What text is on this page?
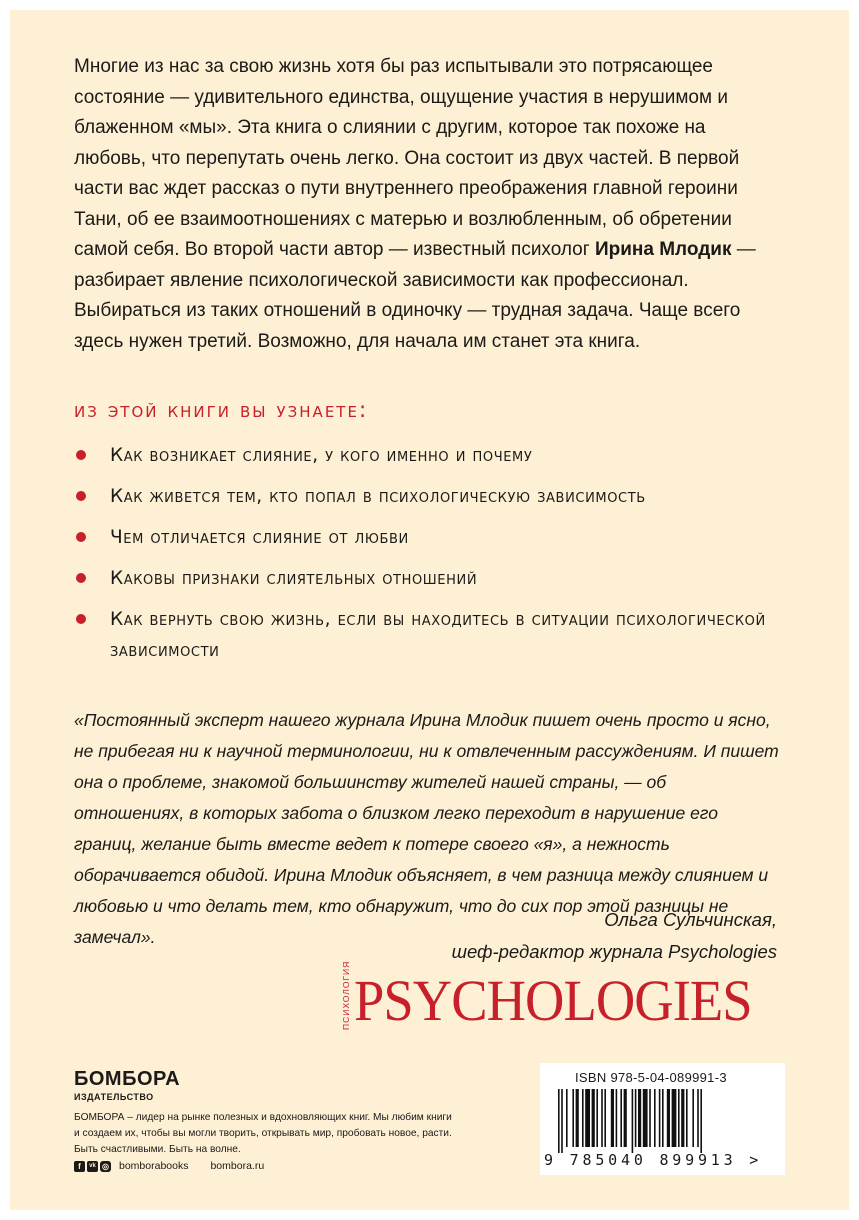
Многие из нас за свою жизнь хотя бы раз испытывали это потрясающее состояние — удивительного единства, ощущение участия в нерушимом и блаженном «мы». Эта книга о слиянии с другим, которое так похоже на любовь, что перепутать очень легко. Она состоит из двух частей. В первой части вас ждет рассказ о пути внутреннего преображения главной героини Тани, об ее взаимоотношениях с матерью и возлюбленным, об обретении самой себя. Во второй части автор — известный психолог Ирина Млодик — разбирает явление психологической зависимости как профессионал. Выбираться из таких отношений в одиночку — трудная задача. Чаще всего здесь нужен третий. Возможно, для начала им станет эта книга.
из этой книги вы узнаете:
Как возникает слияние, у кого именно и почему
Как живется тем, кто попал в психологическую зависимость
Чем отличается слияние от любви
Каковы признаки слиятельных отношений
Как вернуть свою жизнь, если вы находитесь в ситуации психологической зависимости
«Постоянный эксперт нашего журнала Ирина Млодик пишет очень просто и ясно, не прибегая ни к научной терминологии, ни к отвлеченным рассуждениям. И пишет она о проблеме, знакомой большинству жителей нашей страны, — об отношениях, в которых забота о близком легко переходит в нарушение его границ, желание быть вместе ведет к потере своего «я», а нежность оборачивается обидой. Ирина Млодик объясняет, в чем разница между слиянием и любовью и что делать тем, кто обнаружит, что до сих пор этой разницы не замечал».
Ольга Сульчинская,
шеф-редактор журнала Psychologies
ПСИХОЛОГИЯ PSYCHOLOGIES
БОМБОРА
ИЗДАТЕЛЬСТВО
БОМБОРА – лидер на рынке полезных и вдохновляющих книг. Мы любим книги и создаем их, чтобы вы могли творить, открывать мир, пробовать новое, расти. Быть счастливыми. Быть на волне.
f	vk ◎ bomborabooks bombora.ru
ISBN 978-5-04-089991-3
9 785040 899913 >
